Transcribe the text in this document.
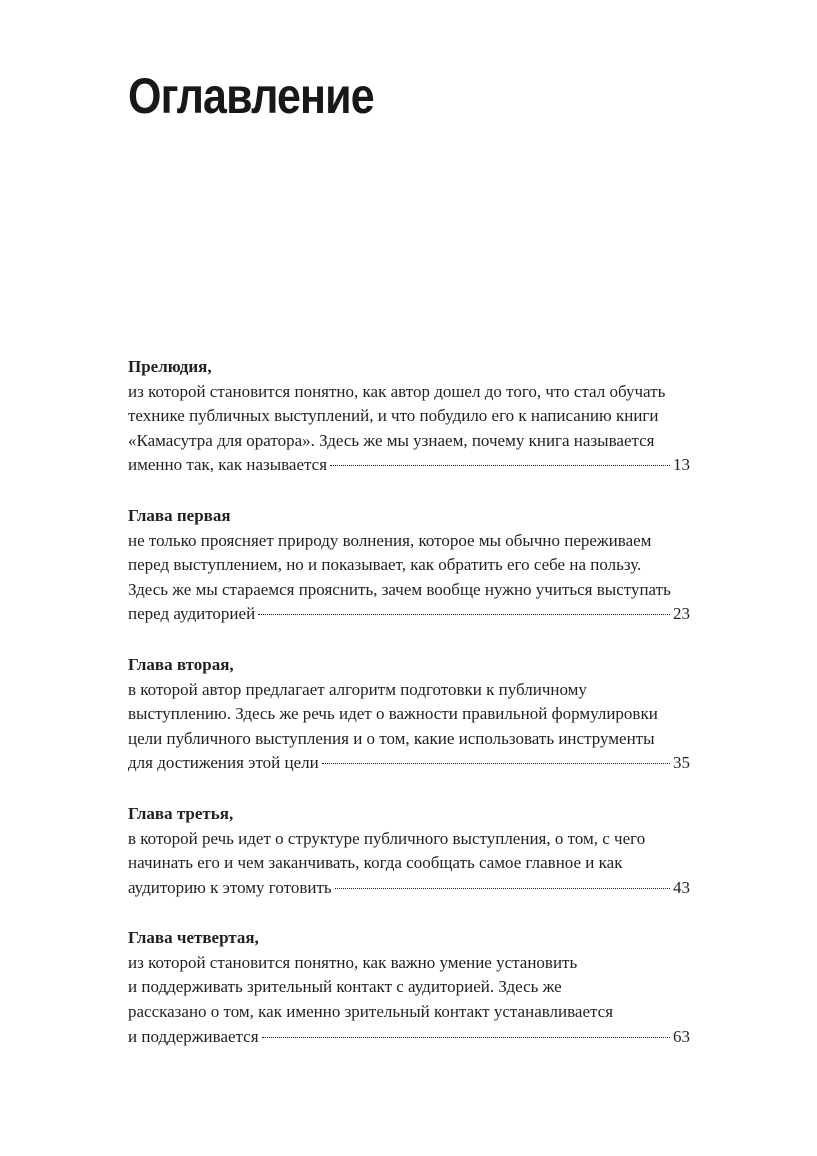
Оглавление
Прелюдия,
из которой становится понятно, как автор дошел до того, что стал обучать
технике публичных выступлений, и что побудило его к написанию книги
«Камасутра для оратора». Здесь же мы узнаем, почему книга называется
именно так, как называется	13
Глава первая
не только проясняет природу волнения, которое мы обычно переживаем
перед выступлением, но и показывает, как обратить его себе на пользу.
Здесь же мы стараемся прояснить, зачем вообще нужно учиться выступать
перед аудиторией	23
Глава вторая,
в которой автор предлагает алгоритм подготовки к публичному
выступлению. Здесь же речь идет о важности правильной формулировки
цели публичного выступления и о том, какие использовать инструменты
для достижения этой цели	35
Глава третья,
в которой речь идет о структуре публичного выступления, о том, с чего
начинать его и чем заканчивать, когда сообщать самое главное и как
аудиторию к этому готовить	43
Глава четвертая,
из которой становится понятно, как важно умение установить
и поддерживать зрительный контакт с аудиторией. Здесь же
рассказано о том, как именно зрительный контакт устанавливается
и поддерживается	63
